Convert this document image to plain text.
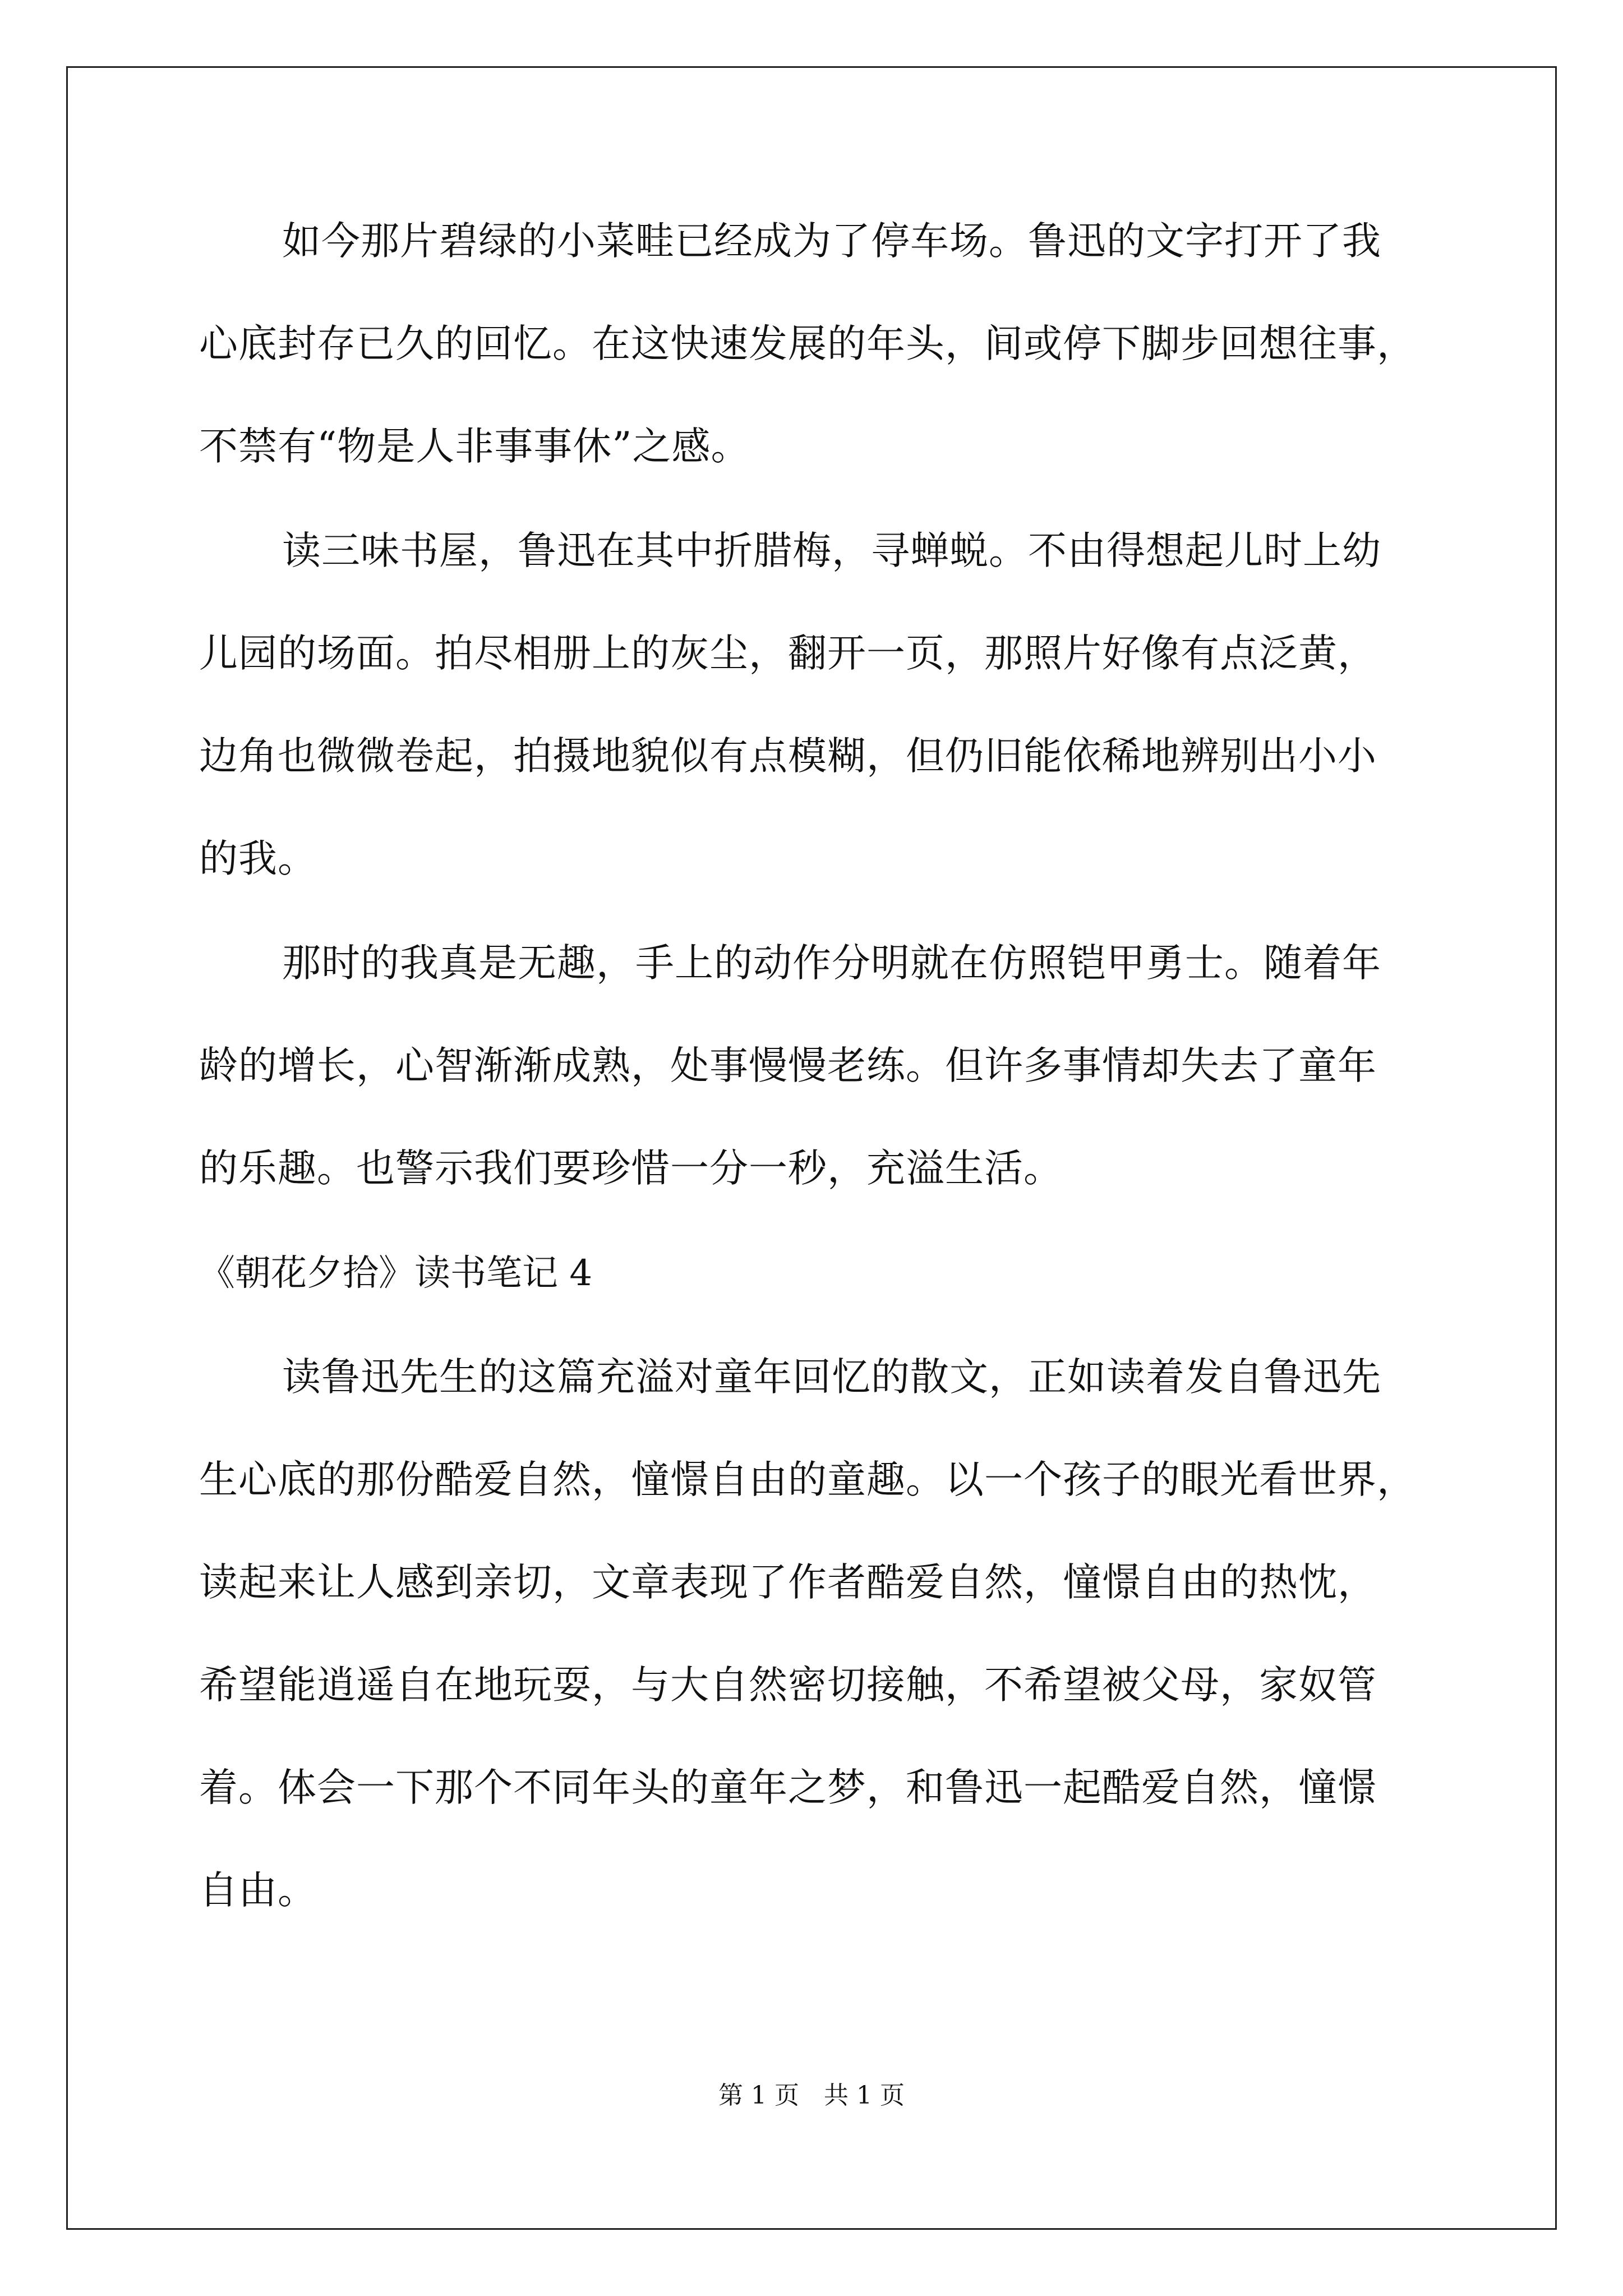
如今那片碧绿的小菜畦已经成为了停车场。鲁迅的文字打开了我
心底封存已久的回忆。在这快速发展的年头，间或停下脚步回想往事，
不禁有“物是人非事事休”之感。
读三味书屋，鲁迅在其中折腊梅，寻蝉蜕。不由得想起儿时上幼
儿园的场面。拍尽相册上的灰尘，翻开一页，那照片好像有点泛黄，
边角也微微卷起，拍摄地貌似有点模糊，但仍旧能依稀地辨别出小小
的我。
那时的我真是无趣，手上的动作分明就在仿照铠甲勇士。随着年
龄的增长，心智渐渐成熟，处事慢慢老练。但许多事情却失去了童年
的乐趣。也警示我们要珍惜一分一秒，充溢生活。
《朝花夕拾》读书笔记 4
读鲁迅先生的这篇充溢对童年回忆的散文，正如读着发自鲁迅先
生心底的那份酷爱自然，憧憬自由的童趣。以一个孩子的眼光看世界，
读起来让人感到亲切，文章表现了作者酷爱自然，憧憬自由的热忱，
希望能逍遥自在地玩耍，与大自然密切接触，不希望被父母，家奴管
着。体会一下那个不同年头的童年之梦，和鲁迅一起酷爱自然，憧憬
自由。
第 1 页　共 1 页
